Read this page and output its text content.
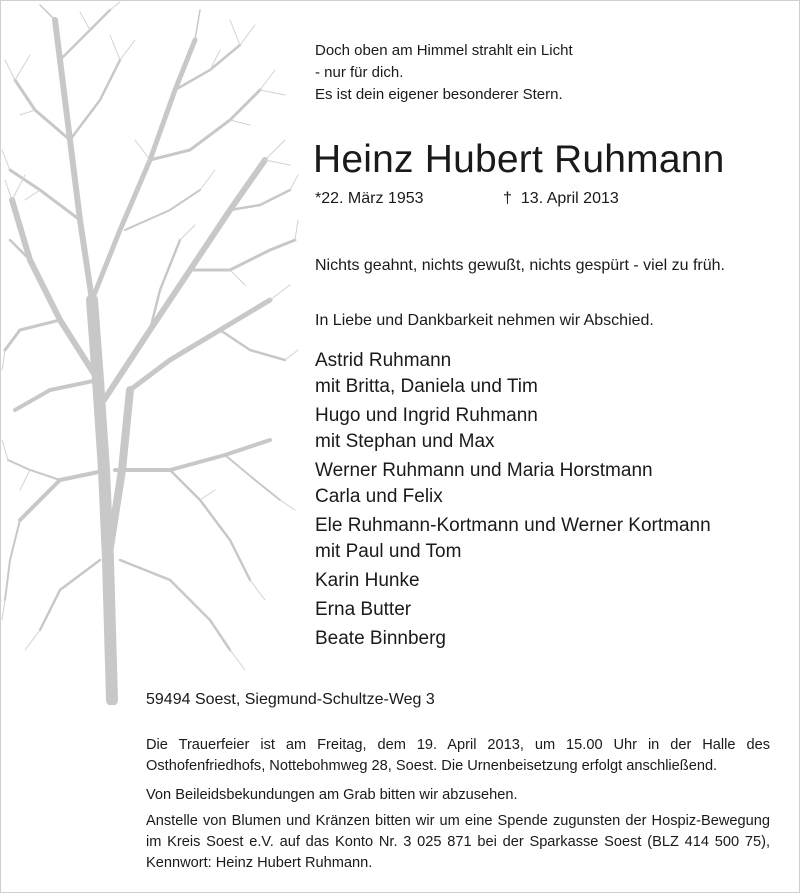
Doch oben am Himmel strahlt ein Licht
- nur für dich.
Es ist dein eigener besonderer Stern.
Heinz Hubert Ruhmann
*22. März 1953	† 13. April 2013
Nichts geahnt, nichts gewußt, nichts gespürt - viel zu früh.
In Liebe und Dankbarkeit nehmen wir Abschied.
Astrid Ruhmann
mit Britta, Daniela und Tim
Hugo und Ingrid Ruhmann
mit Stephan und Max
Werner Ruhmann und Maria Horstmann
Carla und Felix
Ele Ruhmann-Kortmann und Werner Kortmann
mit Paul und Tom
Karin Hunke
Erna Butter
Beate Binnberg
59494 Soest, Siegmund-Schultze-Weg 3
Die Trauerfeier ist am Freitag, dem 19. April 2013, um 15.00 Uhr in der Halle des Osthofenfriedhofs, Nottebohmweg 28, Soest. Die Urnenbeisetzung erfolgt anschließend.
Von Beileidsbekundungen am Grab bitten wir abzusehen.
Anstelle von Blumen und Kränzen bitten wir um eine Spende zugunsten der Hospiz-Bewegung im Kreis Soest e.V. auf das Konto Nr. 3 025 871 bei der Sparkasse Soest (BLZ 414 500 75), Kennwort: Heinz Hubert Ruhmann.
